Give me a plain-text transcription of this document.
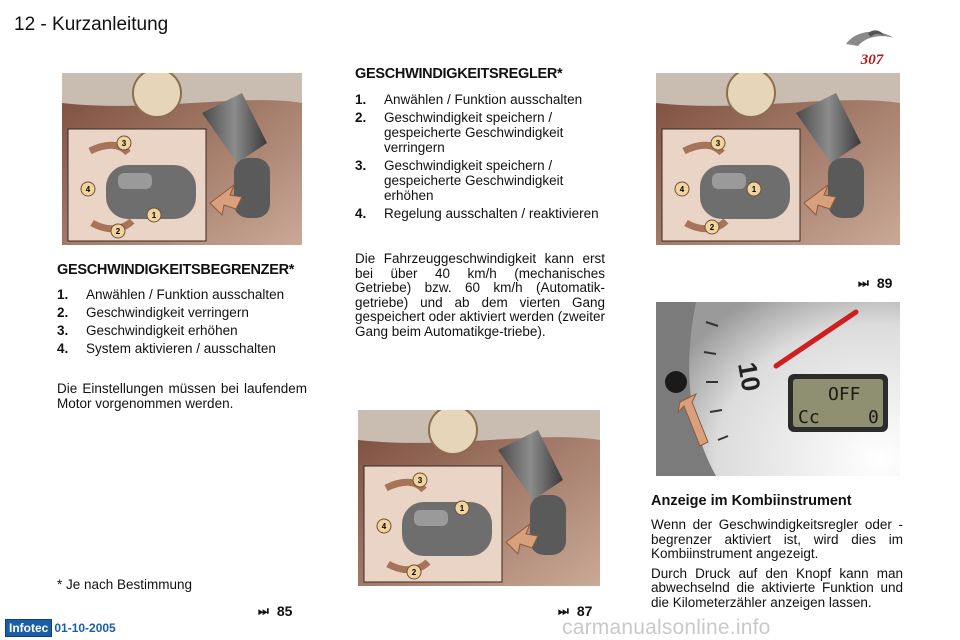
12 - Kurzanleitung
307
3
4
1
2
GESCHWINDIGKEITSBEGRENZER*
1.	Anwählen / Funktion ausschalten
2.	Geschwindigkeit verringern
3.	Geschwindigkeit erhöhen
4.	System aktivieren / ausschalten
Die Einstellungen müssen bei laufendem Motor vorgenommen werden.
* Je nach Bestimmung
⏭ 85
GESCHWINDIGKEITSREGLER*
1.	Anwählen / Funktion ausschalten
2.	Geschwindigkeit speichern / gespeicherte Geschwindigkeit verringern
3.	Geschwindigkeit speichern / gespeicherte Geschwindigkeit erhöhen
4.	Regelung ausschalten / reaktivieren
Die Fahrzeuggeschwindigkeit kann erst bei über 40 km/h (mechanisches Getriebe) bzw. 60 km/h (Automatik-getriebe) und ab dem vierten Gang gespeichert oder aktiviert werden (zweiter Gang beim Automatikge-triebe).
3
4
1
2
⏭ 87
3
4	1
2
⏭ 89
10
OFF
Cc	0
Anzeige im Kombiinstrument
Wenn der Geschwindigkeitsregler oder -begrenzer aktiviert ist, wird dies im Kombiinstrument angezeigt.
Durch Druck auf den Knopf kann man abwechselnd die aktivierte Funktion und die Kilometerzähler anzeigen lassen.
Infotec 01-10-2005	carmanualsonline.info
